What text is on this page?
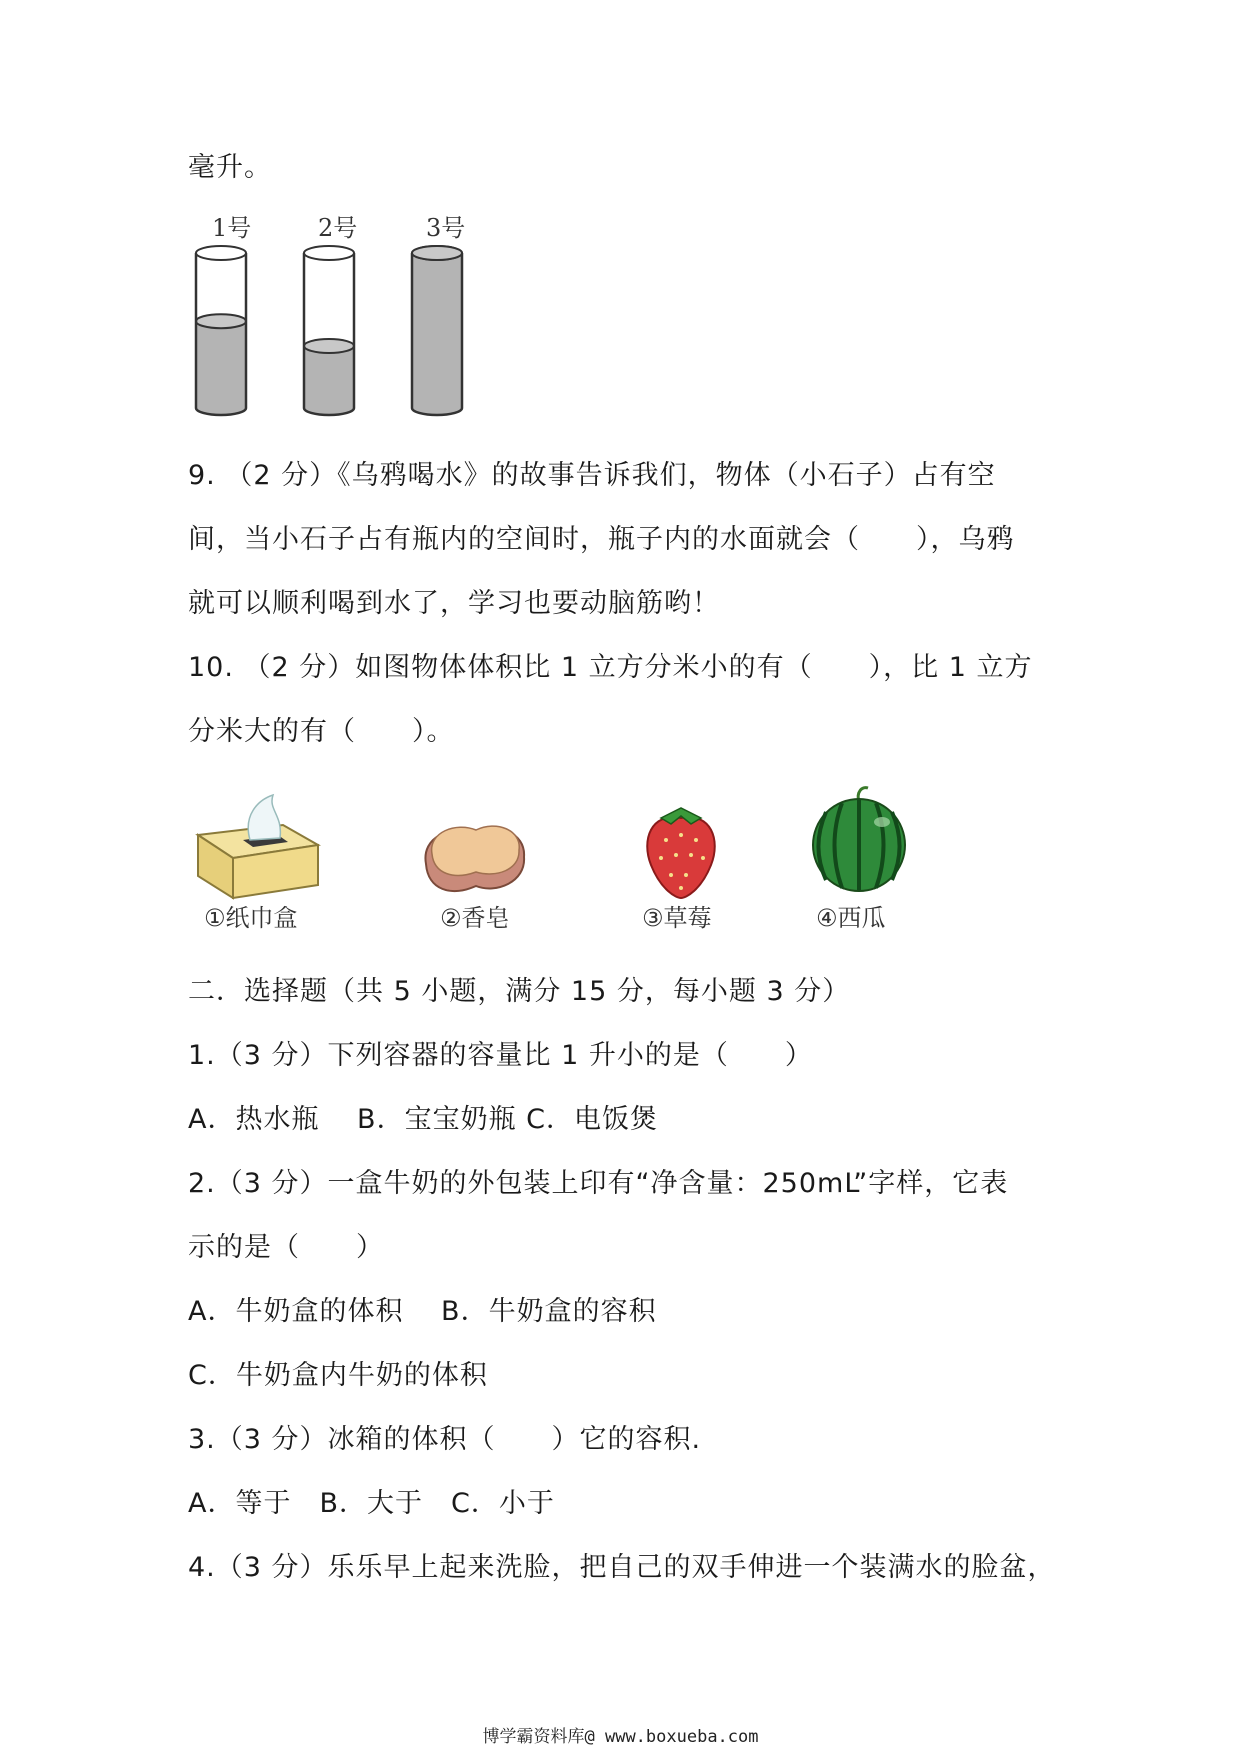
毫升。
1号	2号	3号
9. （2 分）《乌鸦喝水》的故事告诉我们，物体（小石子）占有空
间，当小石子占有瓶内的空间时，瓶子内的水面就会（　　），乌鸦
就可以顺利喝到水了，学习也要动脑筋哟！
10. （2 分）如图物体体积比 1 立方分米小的有（　　），比 1 立方
分米大的有（　　）。
①纸巾盒	②香皂	③草莓	④西瓜
二．选择题（共 5 小题，满分 15 分，每小题 3 分）
1.（3 分）下列容器的容量比 1 升小的是（　　）
A．热水瓶　 B．宝宝奶瓶 C．电饭煲
2.（3 分）一盒牛奶的外包装上印有“净含量：250mL”字样，它表
示的是（　　）
A．牛奶盒的体积　 B．牛奶盒的容积
C．牛奶盒内牛奶的体积
3.（3 分）冰箱的体积（　　）它的容积.
A．等于　B．大于　C．小于
4.（3 分）乐乐早上起来洗脸，把自己的双手伸进一个装满水的脸盆，
博学霸资料库@ www.boxueba.com
